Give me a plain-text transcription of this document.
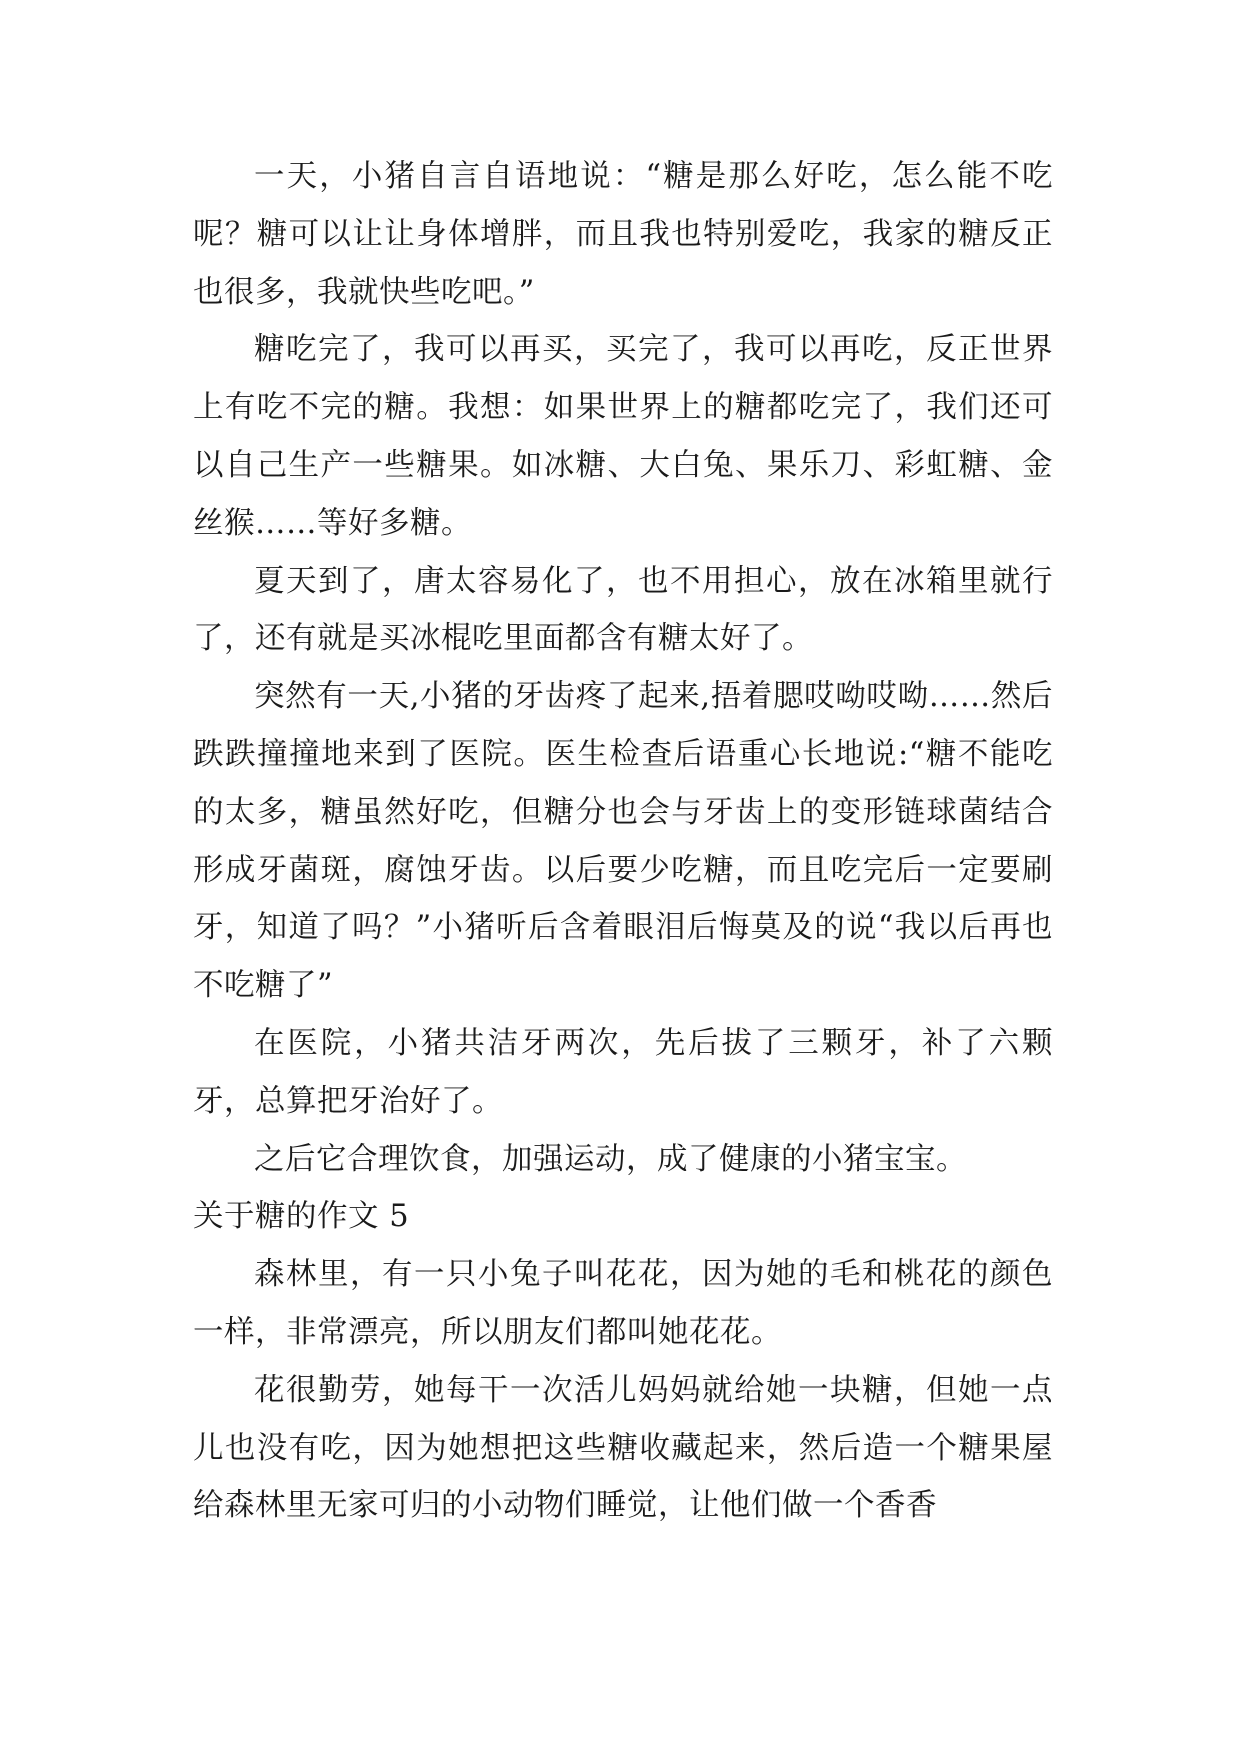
一天，小猪自言自语地说：“糖是那么好吃，怎么能不吃呢？糖可以让让身体增胖，而且我也特别爱吃，我家的糖反正也很多，我就快些吃吧。”

糖吃完了，我可以再买，买完了，我可以再吃，反正世界上有吃不完的糖。我想：如果世界上的糖都吃完了，我们还可以自己生产一些糖果。如冰糖、大白兔、果乐刀、彩虹糖、金丝猴……等好多糖。

夏天到了，唐太容易化了，也不用担心，放在冰箱里就行了，还有就是买冰棍吃里面都含有糖太好了。

突然有一天,小猪的牙齿疼了起来,捂着腮哎呦哎呦……然后跌跌撞撞地来到了医院。医生检查后语重心长地说:“糖不能吃的太多，糖虽然好吃，但糖分也会与牙齿上的变形链球菌结合形成牙菌斑，腐蚀牙齿。以后要少吃糖，而且吃完后一定要刷牙，知道了吗？”小猪听后含着眼泪后悔莫及的说“我以后再也不吃糖了”

在医院，小猪共洁牙两次，先后拔了三颗牙，补了六颗牙，总算把牙治好了。

之后它合理饮食，加强运动，成了健康的小猪宝宝。

关于糖的作文 5

森林里，有一只小兔子叫花花，因为她的毛和桃花的颜色一样，非常漂亮，所以朋友们都叫她花花。

花很勤劳，她每干一次活儿妈妈就给她一块糖，但她一点儿也没有吃，因为她想把这些糖收藏起来，然后造一个糖果屋给森林里无家可归的小动物们睡觉，让他们做一个香香
